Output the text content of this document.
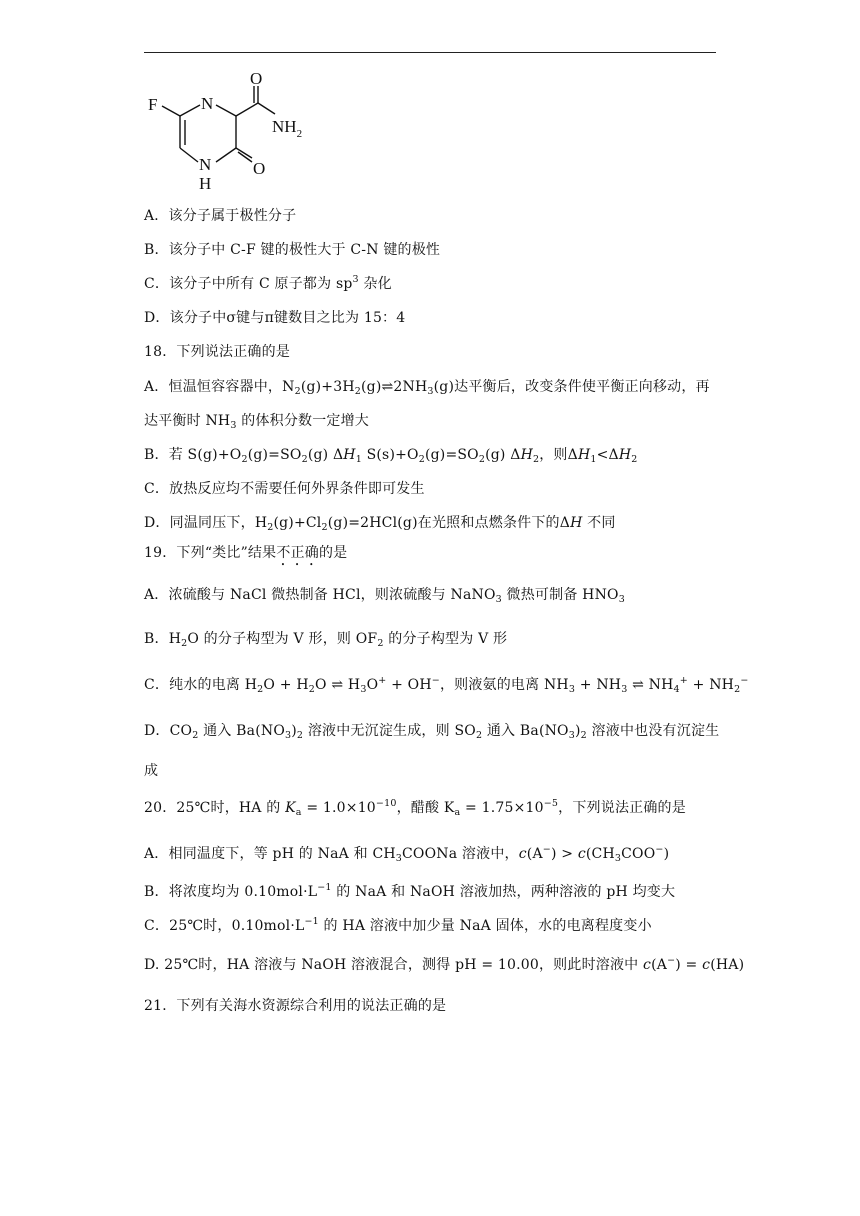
F	N
N
H
O
O
$NH_2$
A．该分子属于极性分子
B．该分子中 C-F 键的极性大于 C-N 键的极性
C．该分子中所有 C 原子都为 $sp^3$ 杂化
D．该分子中σ键与π键数目之比为 15：4
18．下列说法正确的是
A．恒温恒容容器中，$N_2(g)+3H_2(g)\rightleftharpoons 2NH_3(g)$达平衡后，改变条件使平衡正向移动，再
达平衡时 $NH_3$ 的体积分数一定增大
B．若 $S(g)+O_2(g)=SO_2(g)$ $\Delta H_1$ $S(s)+O_2(g)=SO_2(g)$ $\Delta H_2$，则$\Delta H_1<\Delta H_2$
C．放热反应均不需要任何外界条件即可发生
D．同温同压下，$H_2(g)+Cl_2(g)=2HCl(g)$在光照和点燃条件下的ΔH 不同
19．下列“类比”结果不正确的是
A．浓硫酸与 NaCl 微热制备 HCl，则浓硫酸与 NaNO$_3$ 微热可制备 $HNO_3$
B．$H_2O$ 的分子构型为 V 形，则 $OF_2$ 的分子构型为 V 形
C．纯水的电离 $H_2O + H_2O$ ⇌ $H_3O^+ + OH^-$，则液氨的电离 $NH_3 + NH_3$ ⇌ $NH_4^+ + NH_2^-$
D．$CO_2$ 通入 $Ba(NO_3)_2$ 溶液中无沉淀生成，则 $SO_2$ 通入 $Ba(NO_3)_2$ 溶液中也没有沉淀生
成
20．25℃时，HA 的 $K_a = 1.0\times 10^{-10}$，醋酸 $K_a = 1.75\times 10^{-5}$，下列说法正确的是
A．相同温度下，等 pH 的 NaA 和 $CH_3COONa$ 溶液中，$c(A^-) > c(CH_3COO^-)$
B．将浓度均为 $0.10mol\cdot L^{-1}$ 的 NaA 和 NaOH 溶液加热，两种溶液的 pH 均变大
C．25℃时，$0.10mol\cdot L^{-1}$ 的 HA 溶液中加少量 NaA 固体，水的电离程度变小
D. 25℃时，HA 溶液与 NaOH 溶液混合，测得 pH = 10.00，则此时溶液中 c(A−) = c(HA)
21．下列有关海水资源综合利用的说法正确的是
